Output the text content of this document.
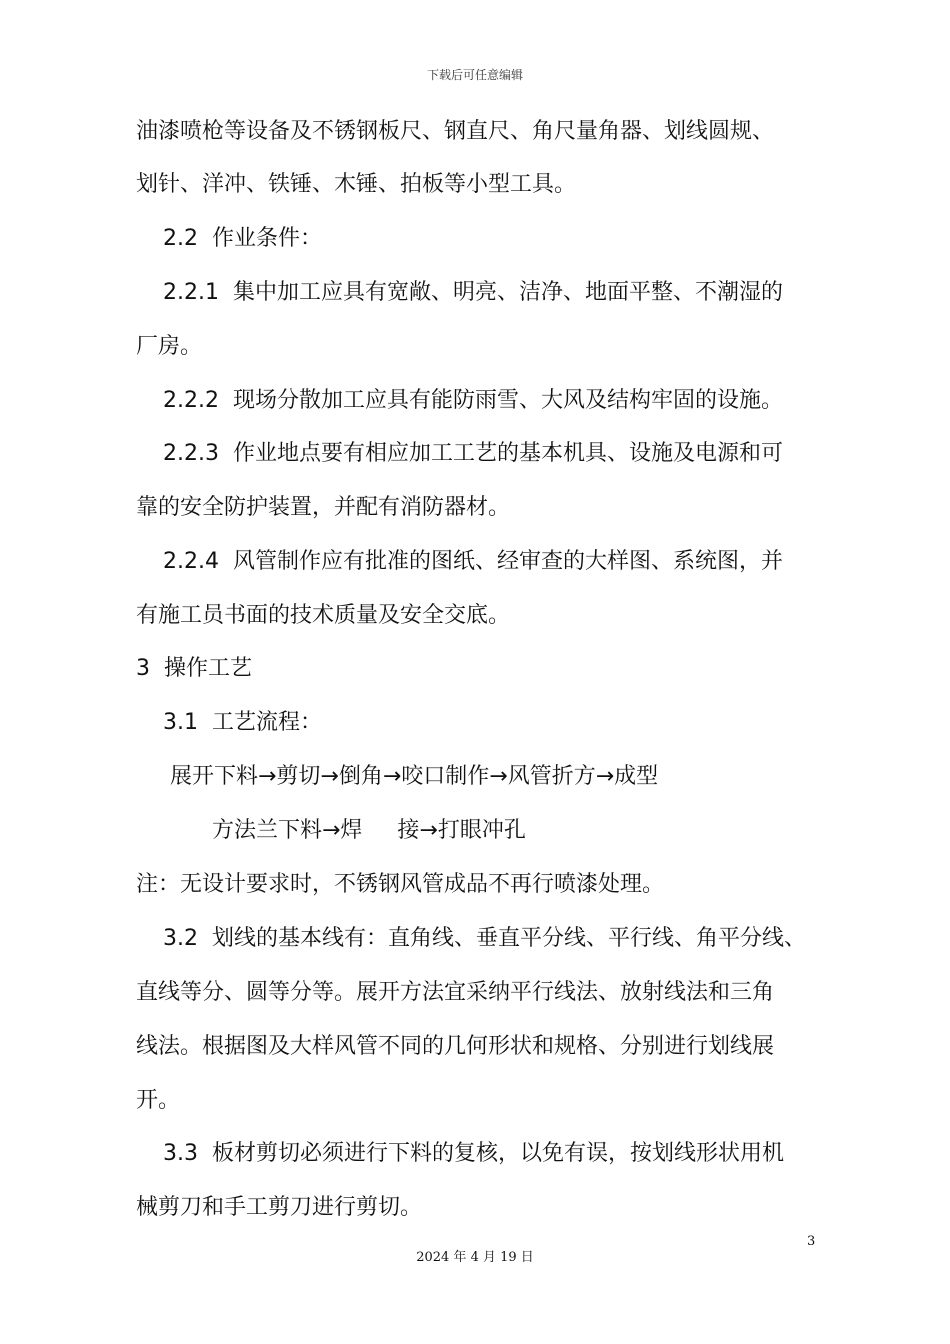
下载后可任意编辑
油漆喷枪等设备及不锈钢板尺、钢直尺、角尺量角器、划线圆规、
划针、洋冲、铁锤、木锤、拍板等小型工具。
2.2  作业条件：
2.2.1  集中加工应具有宽敞、明亮、洁净、地面平整、不潮湿的
厂房。
2.2.2  现场分散加工应具有能防雨雪、大风及结构牢固的设施。
2.2.3  作业地点要有相应加工工艺的基本机具、设施及电源和可
靠的安全防护装置，并配有消防器材。
2.2.4  风管制作应有批准的图纸、经审查的大样图、系统图，并
有施工员书面的技术质量及安全交底。
3  操作工艺
3.1  工艺流程：
展开下料→剪切→倒角→咬口制作→风管折方→成型
方法兰下料→焊     接→打眼冲孔
注：无设计要求时，不锈钢风管成品不再行喷漆处理。
3.2  划线的基本线有：直角线、垂直平分线、平行线、角平分线、
直线等分、圆等分等。展开方法宜采纳平行线法、放射线法和三角
线法。根据图及大样风管不同的几何形状和规格、分别进行划线展
开。
3.3  板材剪切必须进行下料的复核，以免有误，按划线形状用机
械剪刀和手工剪刀进行剪切。
3
2024 年 4 月 19 日
